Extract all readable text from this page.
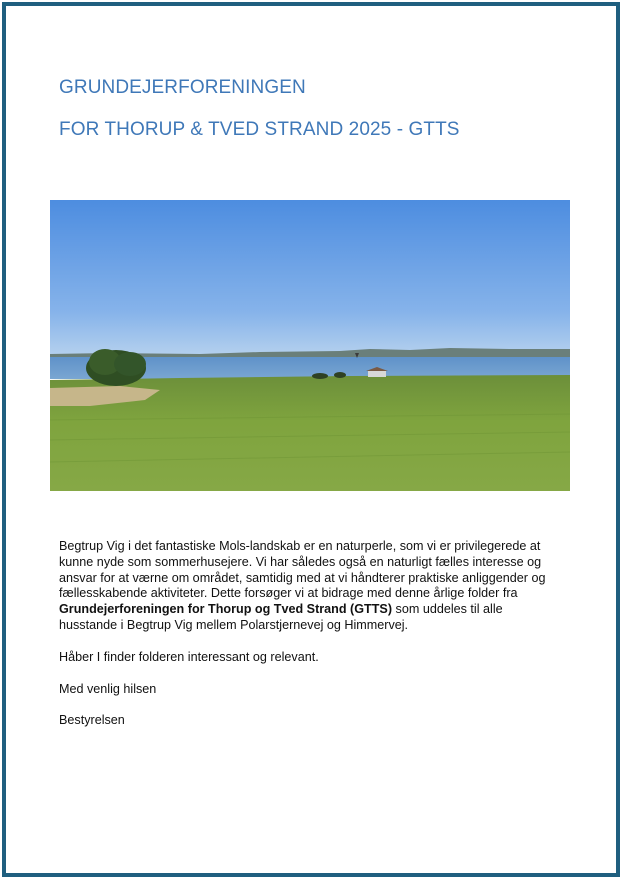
GRUNDEJERFORENINGEN
FOR THORUP & TVED STRAND 2025 - GTTS

Begtrup Vig i det fantastiske Mols-landskab er en naturperle, som vi er privilegerede at kunne nyde som sommerhusejere. Vi har således også en naturligt fælles interesse og ansvar for at værne om området, samtidig med at vi håndterer praktiske anliggender og fællesskabende aktiviteter. Dette forsøger vi at bidrage med denne årlige folder fra Grundejerforeningen for Thorup og Tved Strand (GTTS) som uddeles til alle husstande i Begtrup Vig mellem Polarstjernevej og Himmervej.

Håber I finder folderen interessant og relevant.

Med venlig hilsen

Bestyrelsen
